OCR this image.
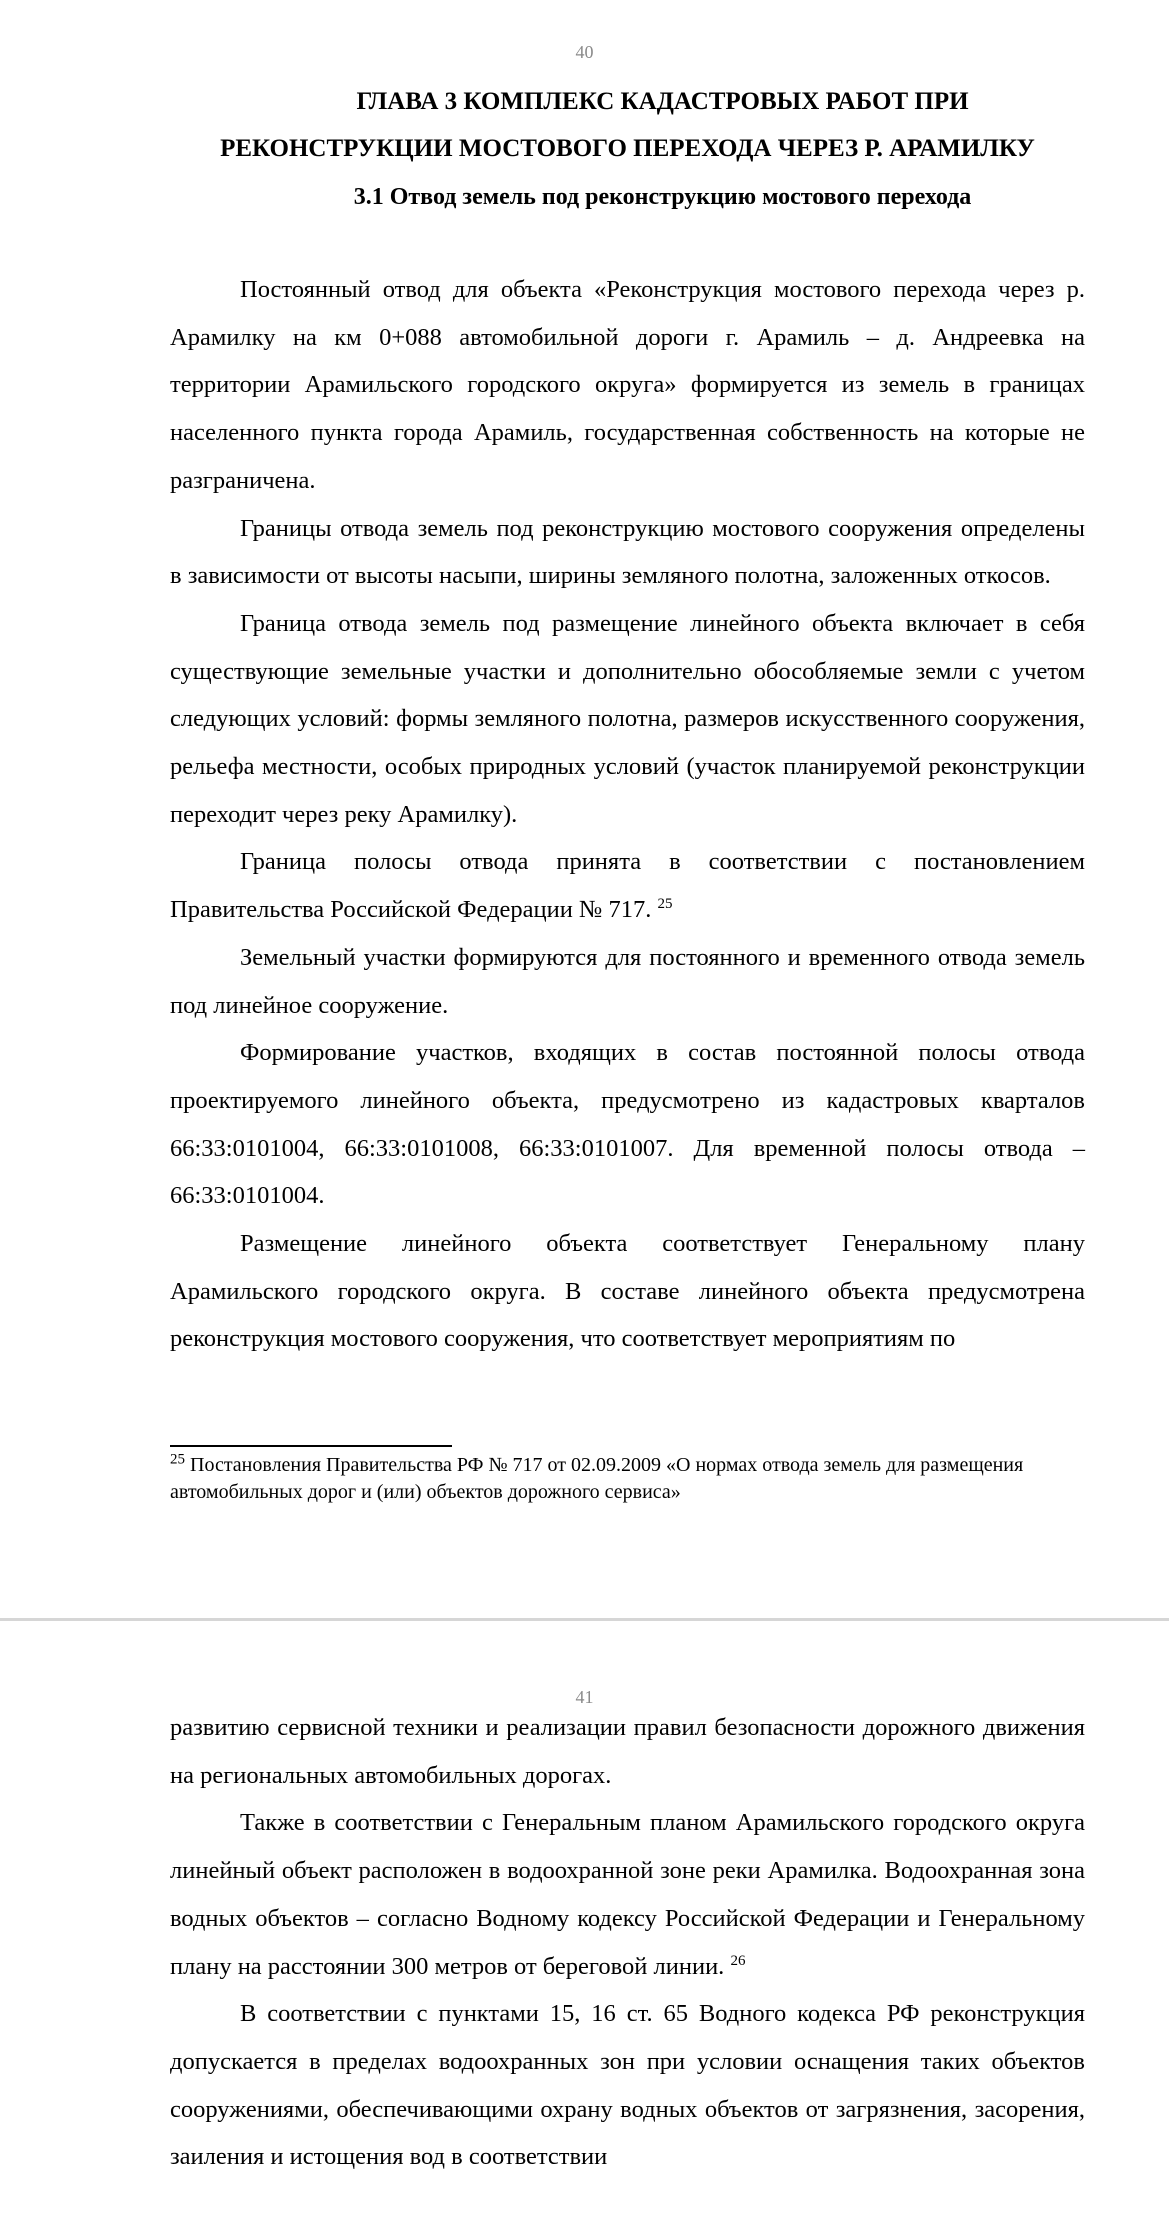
40
ГЛАВА 3 КОМПЛЕКС КАДАСТРОВЫХ РАБОТ ПРИ
РЕКОНСТРУКЦИИ МОСТОВОГО ПЕРЕХОДА ЧЕРЕЗ Р. АРАМИЛКУ
3.1 Отвод земель под реконструкцию мостового перехода

Постоянный отвод для объекта «Реконструкция мостового перехода через р. Арамилку на км 0+088 автомобильной дороги г. Арамиль – д. Андреевка на территории Арамильского городского округа» формируется из земель в границах населенного пункта города Арамиль, государственная собственность на которые не разграничена.

Границы отвода земель под реконструкцию мостового сооружения определены в зависимости от высоты насыпи, ширины земляного полотна, заложенных откосов.

Граница отвода земель под размещение линейного объекта включает в себя существующие земельные участки и дополнительно обособляемые земли с учетом следующих условий: формы земляного полотна, размеров искусственного сооружения, рельефа местности, особых природных условий (участок планируемой реконструкции переходит через реку Арамилку).

Граница полосы отвода принята в соответствии с постановлением Правительства Российской Федерации № 717. $^{25}$

Земельный участки формируются для постоянного и временного отвода земель под линейное сооружение.

Формирование участков, входящих в состав постоянной полосы отвода проектируемого линейного объекта, предусмотрено из кадастровых кварталов 66:33:0101004, 66:33:0101008, 66:33:0101007. Для временной полосы отвода – 66:33:0101004.

Размещение линейного объекта соответствует Генеральному плану Арамильского городского округа. В составе линейного объекта предусмотрена реконструкция мостового сооружения, что соответствует мероприятиям по

$^{25}$ Постановления Правительства РФ № 717 от 02.09.2009 «О нормах отвода земель для размещения автомобильных дорог и (или) объектов дорожного сервиса»
41

развитию сервисной техники и реализации правил безопасности дорожного движения на региональных автомобильных дорогах.

Также в соответствии с Генеральным планом Арамильского городского округа линейный объект расположен в водоохранной зоне реки Арамилка. Водоохранная зона водных объектов – согласно Водному кодексу Российской Федерации и Генеральному плану на расстоянии 300 метров от береговой линии. $^{26}$

В соответствии с пунктами 15, 16 ст. 65 Водного кодекса РФ реконструкция допускается в пределах водоохранных зон при условии оснащения таких объектов сооружениями, обеспечивающими охрану водных объектов от загрязнения, засорения, заиления и истощения вод в соответствии
